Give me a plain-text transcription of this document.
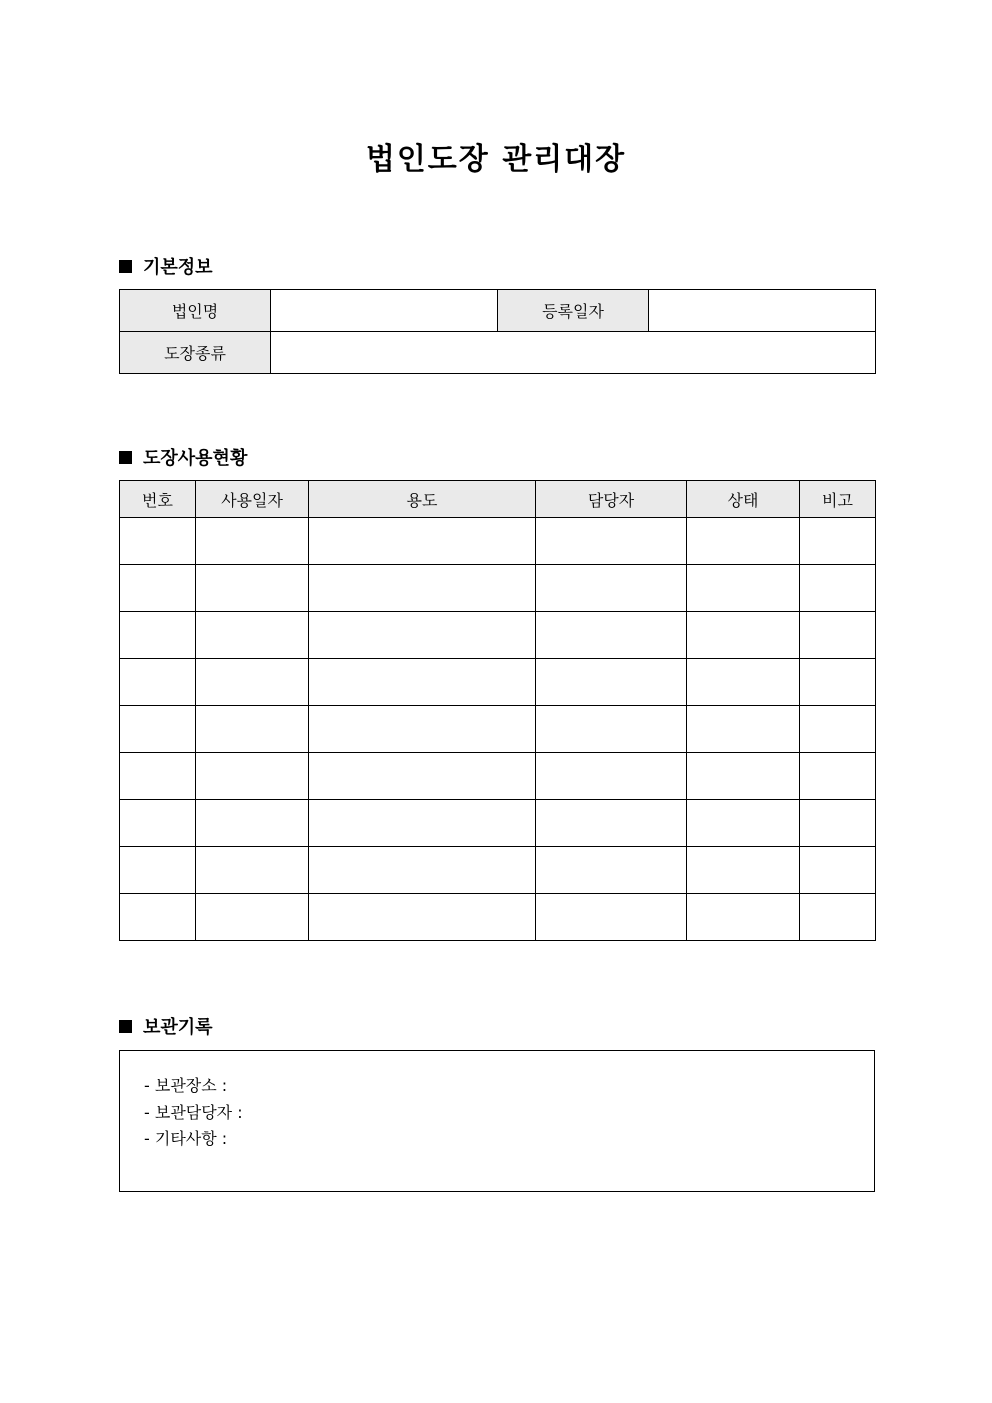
법인도장 관리대장
기본정보
법인명		등록일자	
도장종류			
도장사용현황
번호	사용일자	용도	담당자	상태	비고

보관기록
- 보관장소 :
- 보관담당자 :
- 기타사항 :
